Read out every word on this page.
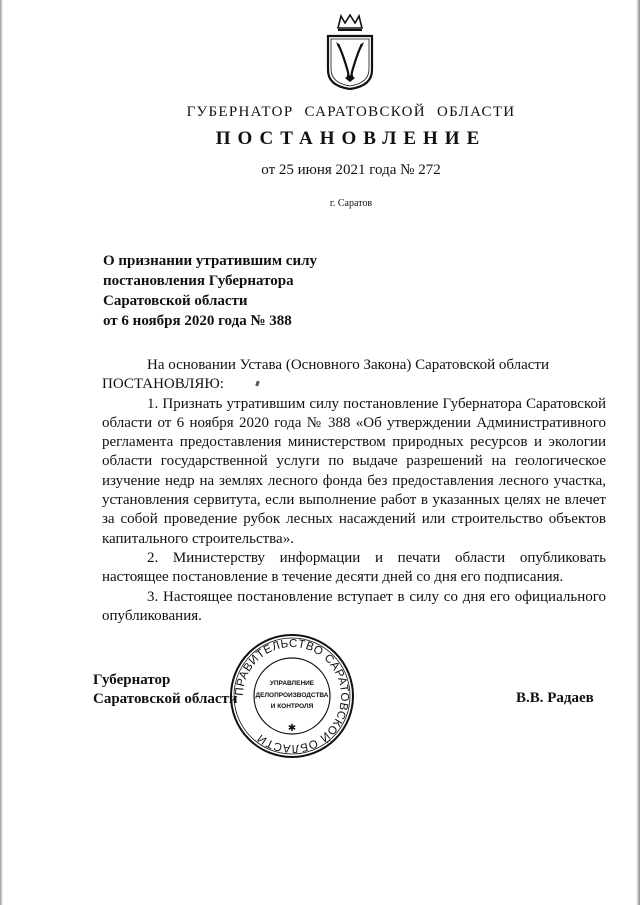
ГУБЕРНАТОР САРАТОВСКОЙ ОБЛАСТИ
ПОСТАНОВЛЕНИЕ
от 25 июня 2021 года № 272
г. Саратов
О признании утратившим силу
постановления Губернатора
Саратовской области
от 6 ноября 2020 года № 388

На основании Устава (Основного Закона) Саратовской области

ПОСТАНОВЛЯЮ:

1. Признать утратившим силу постановление Губернатора Саратовской области от 6 ноября 2020 года № 388 «Об утверждении Административного регламента предоставления министерством природных ресурсов и экологии области государственной услуги по выдаче разрешений на геологическое изучение недр на землях лесного фонда без предоставления лесного участка, установления сервитута, если выполнение работ в указанных целях не влечет за собой проведение рубок лесных насаждений или строительство объектов капитального строительства».

2. Министерству информации и печати области опубликовать настоящее постановление в течение десяти дней со дня его подписания.

3. Настоящее постановление вступает в силу со дня его официального опубликования.

Губернатор
Саратовской области
ПРАВИТЕЛЬСТВО САРАТОВСКОЙ ОБЛАСТИ
УПРАВЛЕНИЕ
ДЕЛОПРОИЗВОДСТВА
И КОНТРОЛЯ
✱
В.В. Радаев
